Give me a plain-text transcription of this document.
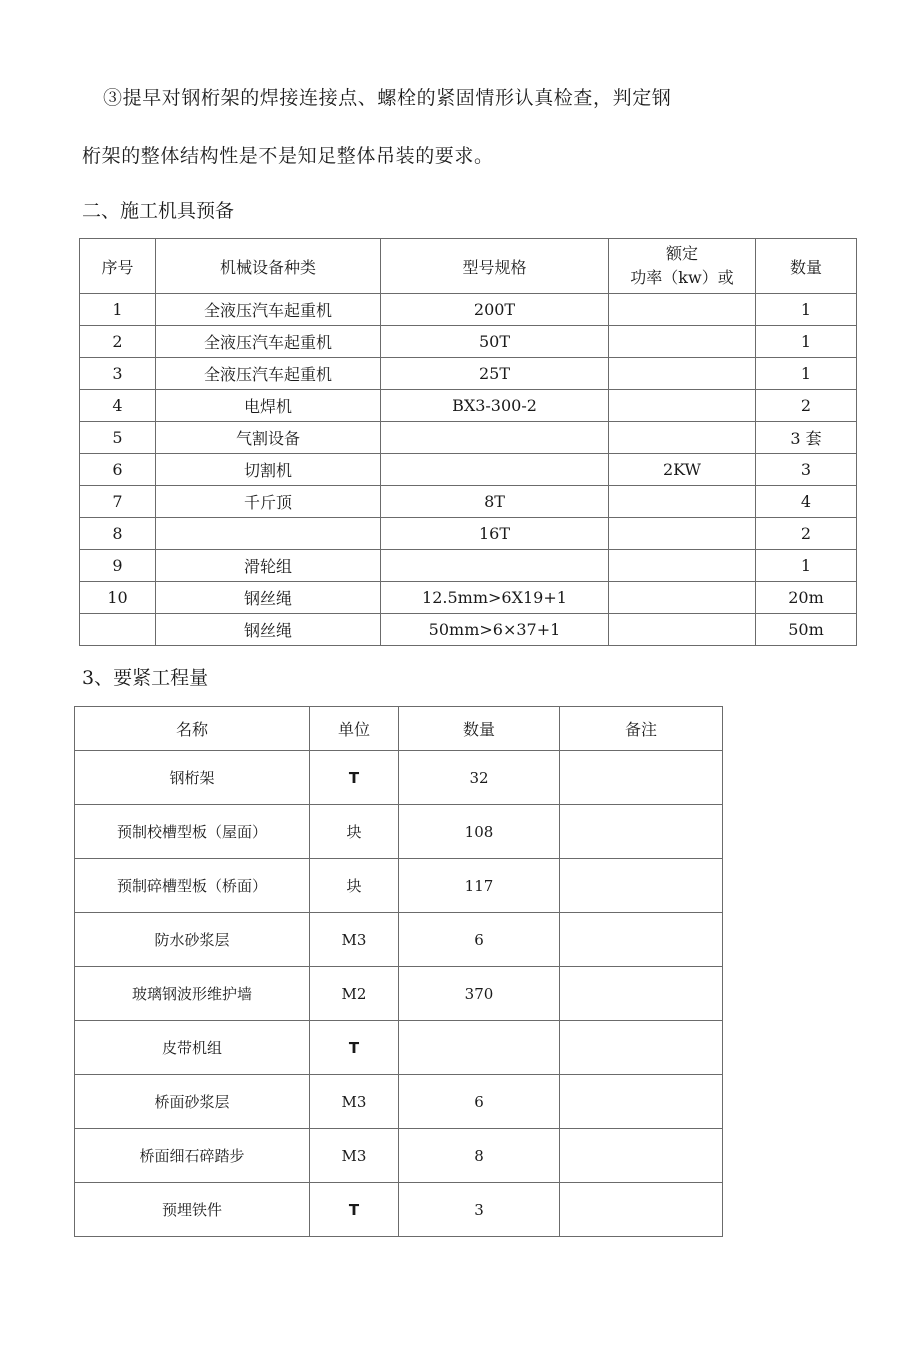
③提早对钢桁架的焊接连接点、螺栓的紧固情形认真检查，判定钢
桁架的整体结构性是不是知足整体吊装的要求。
二、施工机具预备
序号	机械设备种类	型号规格	额定
功率（kw）或	数量
1	全液压汽车起重机	200T		1
2	全液压汽车起重机	50T		1
3	全液压汽车起重机	25T		1
4	电焊机	BX3-300-2		2
5	气割设备			3 套
6	切割机		2KW	3
7	千斤顶	8T		4
8		16T		2
9	滑轮组			1
10	钢丝绳	12.5mm>6X19+1		20m
	钢丝绳	50mm>6×37+1		50m
3、要紧工程量
名称	单位	数量	备注
钢桁架	T	32	
预制校槽型板（屋面）	块	108	
预制碎槽型板（桥面）	块	117	
防水砂浆层	M3	6	
玻璃钢波形维护墙	M2	370	
皮带机组	T		
桥面砂浆层	M3	6	
桥面细石碎踏步	M3	8	
预埋铁件	T	3	
